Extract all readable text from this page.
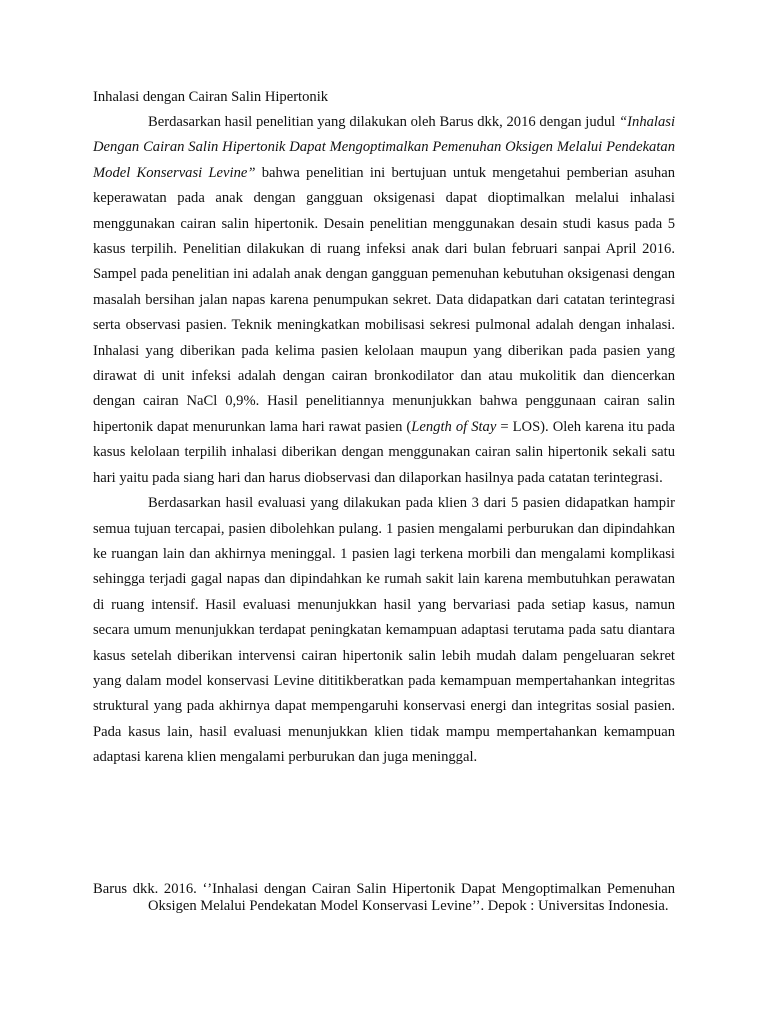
Inhalasi dengan Cairan Salin Hipertonik

Berdasarkan hasil penelitian yang dilakukan oleh Barus dkk, 2016 dengan judul “Inhalasi Dengan Cairan Salin Hipertonik Dapat Mengoptimalkan Pemenuhan Oksigen Melalui Pendekatan Model Konservasi Levine” bahwa penelitian ini bertujuan untuk mengetahui pemberian asuhan keperawatan pada anak dengan gangguan oksigenasi dapat dioptimalkan melalui inhalasi menggunakan cairan salin hipertonik. Desain penelitian menggunakan desain studi kasus pada 5 kasus terpilih. Penelitian dilakukan di ruang infeksi anak dari bulan februari sanpai April 2016. Sampel pada penelitian ini adalah anak dengan gangguan pemenuhan kebutuhan oksigenasi dengan masalah bersihan jalan napas karena penumpukan sekret. Data didapatkan dari catatan terintegrasi serta observasi pasien. Teknik meningkatkan mobilisasi sekresi pulmonal adalah dengan inhalasi. Inhalasi yang diberikan pada kelima pasien kelolaan maupun yang diberikan pada pasien yang dirawat di unit infeksi adalah dengan cairan bronkodilator dan atau mukolitik dan diencerkan dengan cairan NaCl 0,9%. Hasil penelitiannya menunjukkan bahwa penggunaan cairan salin hipertonik dapat menurunkan lama hari rawat pasien (Length of Stay = LOS). Oleh karena itu pada kasus kelolaan terpilih inhalasi diberikan dengan menggunakan cairan salin hipertonik sekali satu hari yaitu pada siang hari dan harus diobservasi dan dilaporkan hasilnya pada catatan terintegrasi.

Berdasarkan hasil evaluasi yang dilakukan pada klien 3 dari 5 pasien didapatkan hampir semua tujuan tercapai, pasien dibolehkan pulang. 1 pasien mengalami perburukan dan dipindahkan ke ruangan lain dan akhirnya meninggal. 1 pasien lagi terkena morbili dan mengalami komplikasi sehingga terjadi gagal napas dan dipindahkan ke rumah sakit lain karena membutuhkan perawatan di ruang intensif. Hasil evaluasi menunjukkan hasil yang bervariasi pada setiap kasus, namun secara umum menunjukkan terdapat peningkatan kemampuan adaptasi terutama pada satu diantara kasus setelah diberikan intervensi cairan hipertonik salin lebih mudah dalam pengeluaran sekret yang dalam model konservasi Levine dititikberatkan pada kemampuan mempertahankan integritas struktural yang pada akhirnya dapat mempengaruhi konservasi energi dan integritas sosial pasien. Pada kasus lain, hasil evaluasi menunjukkan klien tidak mampu mempertahankan kemampuan adaptasi karena klien mengalami perburukan dan juga meninggal.

Barus dkk. 2016. ‘’Inhalasi dengan Cairan Salin Hipertonik Dapat Mengoptimalkan Pemenuhan Oksigen Melalui Pendekatan Model Konservasi Levine’’. Depok : Universitas Indonesia.
